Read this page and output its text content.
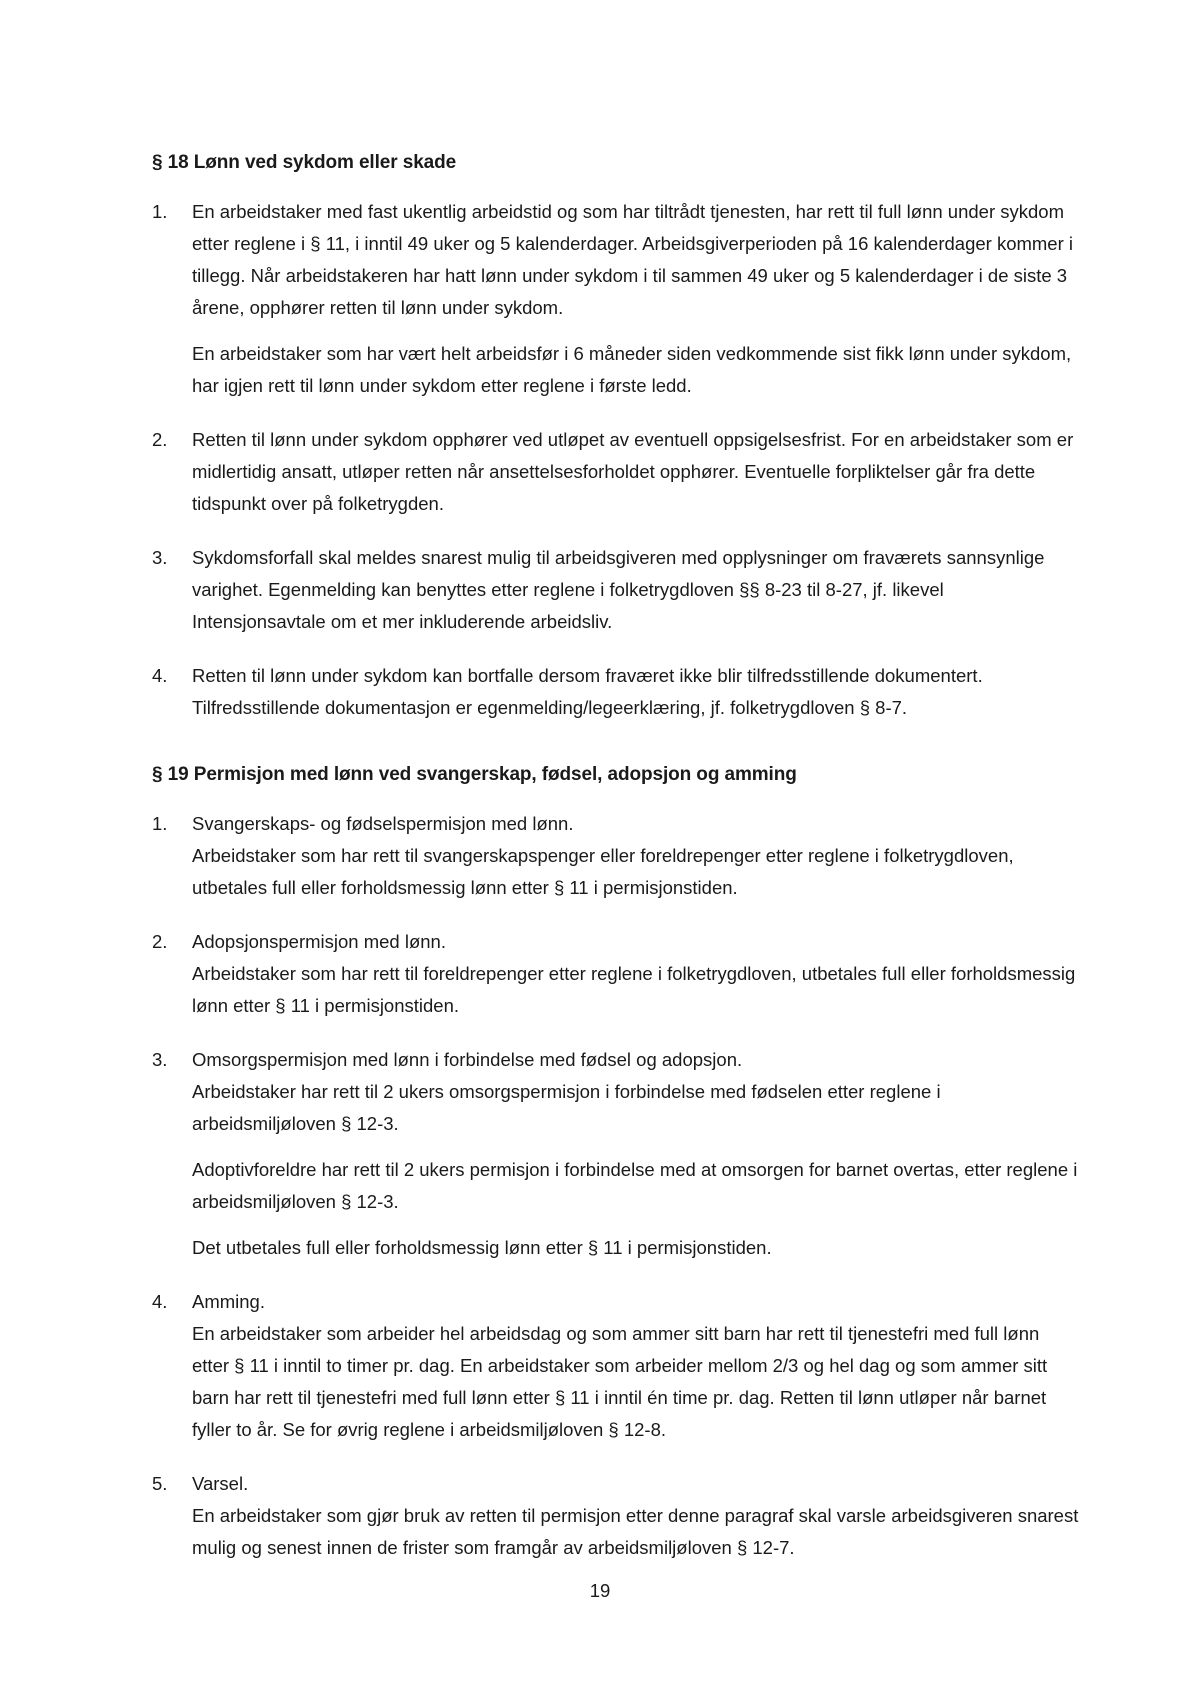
§ 18 Lønn ved sykdom eller skade
1. En arbeidstaker med fast ukentlig arbeidstid og som har tiltrådt tjenesten, har rett til full lønn under sykdom etter reglene i § 11, i inntil 49 uker og 5 kalenderdager. Arbeidsgiverperioden på 16 kalenderdager kommer i tillegg. Når arbeidstakeren har hatt lønn under sykdom i til sammen 49 uker og 5 kalenderdager i de siste 3 årene, opphører retten til lønn under sykdom.

En arbeidstaker som har vært helt arbeidsfør i 6 måneder siden vedkommende sist fikk lønn under sykdom, har igjen rett til lønn under sykdom etter reglene i første ledd.

2. Retten til lønn under sykdom opphører ved utløpet av eventuell oppsigelsesfrist. For en arbeidstaker som er midlertidig ansatt, utløper retten når ansettelsesforholdet opphører. Eventuelle forpliktelser går fra dette tidspunkt over på folketrygden.

3. Sykdomsforfall skal meldes snarest mulig til arbeidsgiveren med opplysninger om fraværets sannsynlige varighet. Egenmelding kan benyttes etter reglene i folketrygdloven §§ 8-23 til 8-27, jf. likevel Intensjonsavtale om et mer inkluderende arbeidsliv.

4. Retten til lønn under sykdom kan bortfalle dersom fraværet ikke blir tilfredsstillende dokumentert. Tilfredsstillende dokumentasjon er egenmelding/legeerklæring, jf. folketrygdloven § 8-7.

§ 19 Permisjon med lønn ved svangerskap, fødsel, adopsjon og amming
1. Svangerskaps- og fødselspermisjon med lønn.

Arbeidstaker som har rett til svangerskapspenger eller foreldrepenger etter reglene i folketrygdloven, utbetales full eller forholdsmessig lønn etter § 11 i permisjonstiden.

2. Adopsjonspermisjon med lønn.

Arbeidstaker som har rett til foreldrepenger etter reglene i folketrygdloven, utbetales full eller forholdsmessig lønn etter § 11 i permisjonstiden.

3. Omsorgspermisjon med lønn i forbindelse med fødsel og adopsjon.

Arbeidstaker har rett til 2 ukers omsorgspermisjon i forbindelse med fødselen etter reglene i arbeidsmiljøloven § 12-3.

Adoptivforeldre har rett til 2 ukers permisjon i forbindelse med at omsorgen for barnet overtas, etter reglene i arbeidsmiljøloven § 12-3.

Det utbetales full eller forholdsmessig lønn etter § 11 i permisjonstiden.

4. Amming.

En arbeidstaker som arbeider hel arbeidsdag og som ammer sitt barn har rett til tjenestefri med full lønn etter § 11 i inntil to timer pr. dag. En arbeidstaker som arbeider mellom 2/3 og hel dag og som ammer sitt barn har rett til tjenestefri med full lønn etter § 11 i inntil én time pr. dag. Retten til lønn utløper når barnet fyller to år. Se for øvrig reglene i arbeidsmiljøloven § 12-8.

5. Varsel.

En arbeidstaker som gjør bruk av retten til permisjon etter denne paragraf skal varsle arbeidsgiveren snarest mulig og senest innen de frister som framgår av arbeidsmiljøloven § 12-7.

19
